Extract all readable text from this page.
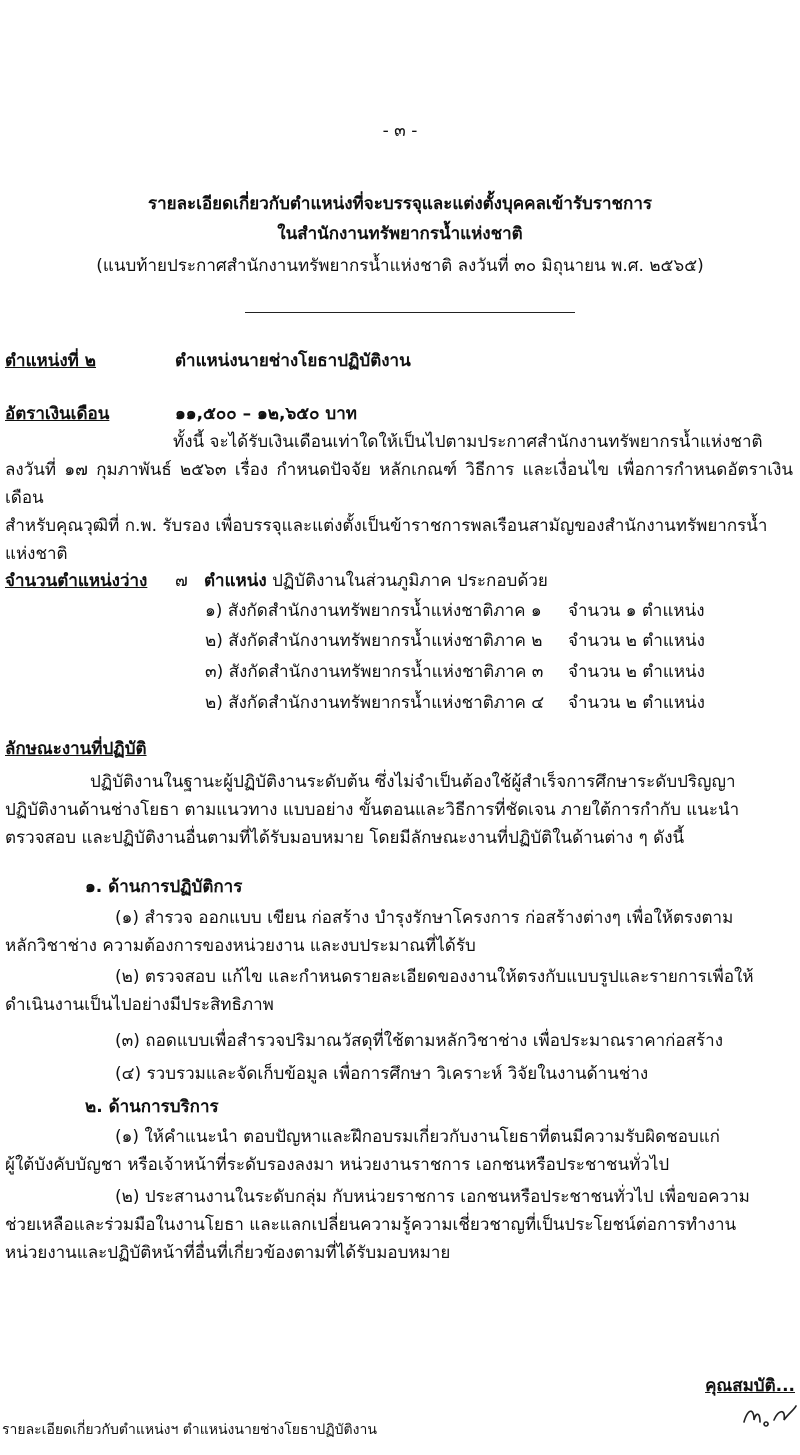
- ๓ -
รายละเอียดเกี่ยวกับตำแหน่งที่จะบรรจุและแต่งตั้งบุคคลเข้ารับราชการ
ในสำนักงานทรัพยากรน้ำแห่งชาติ
(แนบท้ายประกาศสำนักงานทรัพยากรน้ำแห่งชาติ ลงวันที่ ๓๐ มิถุนายน พ.ศ. ๒๕๖๕)
ตำแหน่งที่ ๒	ตำแหน่งนายช่างโยธาปฏิบัติงาน
อัตราเงินเดือน	๑๑,๕๐๐ – ๑๒,๖๕๐ บาท
ทั้งนี้ จะได้รับเงินเดือนเท่าใดให้เป็นไปตามประกาศสำนักงานทรัพยากรน้ำแห่งชาติ
ลงวันที่ ๑๗ กุมภาพันธ์ ๒๕๖๓ เรื่อง กำหนดปัจจัย หลักเกณฑ์ วิธีการ และเงื่อนไข เพื่อการกำหนดอัตราเงินเดือน
สำหรับคุณวุฒิที่ ก.พ. รับรอง เพื่อบรรจุและแต่งตั้งเป็นข้าราชการพลเรือนสามัญของสำนักงานทรัพยากรน้ำ
แห่งชาติ
จำนวนตำแหน่งว่าง ๗ ตำแหน่ง ปฏิบัติงานในส่วนภูมิภาค ประกอบด้วย
๑) สังกัดสำนักงานทรัพยากรน้ำแห่งชาติภาค ๑ จำนวน ๑ ตำแหน่ง
๒) สังกัดสำนักงานทรัพยากรน้ำแห่งชาติภาค ๒ จำนวน ๒ ตำแหน่ง
๓) สังกัดสำนักงานทรัพยากรน้ำแห่งชาติภาค ๓ จำนวน ๒ ตำแหน่ง
๒) สังกัดสำนักงานทรัพยากรน้ำแห่งชาติภาค ๔ จำนวน ๒ ตำแหน่ง
ลักษณะงานที่ปฏิบัติ
ปฏิบัติงานในฐานะผู้ปฏิบัติงานระดับต้น ซึ่งไม่จำเป็นต้องใช้ผู้สำเร็จการศึกษาระดับปริญญา
ปฏิบัติงานด้านช่างโยธา ตามแนวทาง แบบอย่าง ขั้นตอนและวิธีการที่ชัดเจน ภายใต้การกำกับ แนะนำ
ตรวจสอบ และปฏิบัติงานอื่นตามที่ได้รับมอบหมาย โดยมีลักษณะงานที่ปฏิบัติในด้านต่าง ๆ ดังนี้
๑. ด้านการปฏิบัติการ
(๑) สำรวจ ออกแบบ เขียน ก่อสร้าง บำรุงรักษาโครงการ ก่อสร้างต่างๆ เพื่อให้ตรงตาม
หลักวิชาช่าง ความต้องการของหน่วยงาน และงบประมาณที่ได้รับ
(๒) ตรวจสอบ แก้ไข และกำหนดรายละเอียดของงานให้ตรงกับแบบรูปและรายการเพื่อให้
ดำเนินงานเป็นไปอย่างมีประสิทธิภาพ
(๓) ถอดแบบเพื่อสำรวจปริมาณวัสดุที่ใช้ตามหลักวิชาช่าง เพื่อประมาณราคาก่อสร้าง
(๔) รวบรวมและจัดเก็บข้อมูล เพื่อการศึกษา วิเคราะห์ วิจัยในงานด้านช่าง
๒. ด้านการบริการ
(๑) ให้คำแนะนำ ตอบปัญหาและฝึกอบรมเกี่ยวกับงานโยธาที่ตนมีความรับผิดชอบแก่
ผู้ใต้บังคับบัญชา หรือเจ้าหน้าที่ระดับรองลงมา หน่วยงานราชการ เอกชนหรือประชาชนทั่วไป
(๒) ประสานงานในระดับกลุ่ม กับหน่วยราชการ เอกชนหรือประชาชนทั่วไป เพื่อขอความ
ช่วยเหลือและร่วมมือในงานโยธา และแลกเปลี่ยนความรู้ความเชี่ยวชาญที่เป็นประโยชน์ต่อการทำงาน
หน่วยงานและปฏิบัติหน้าที่อื่นที่เกี่ยวข้องตามที่ได้รับมอบหมาย
คุณสมบัติ...
รายละเอียดเกี่ยวกับตำแหน่งฯ ตำแหน่งนายช่างโยธาปฏิบัติงาน
